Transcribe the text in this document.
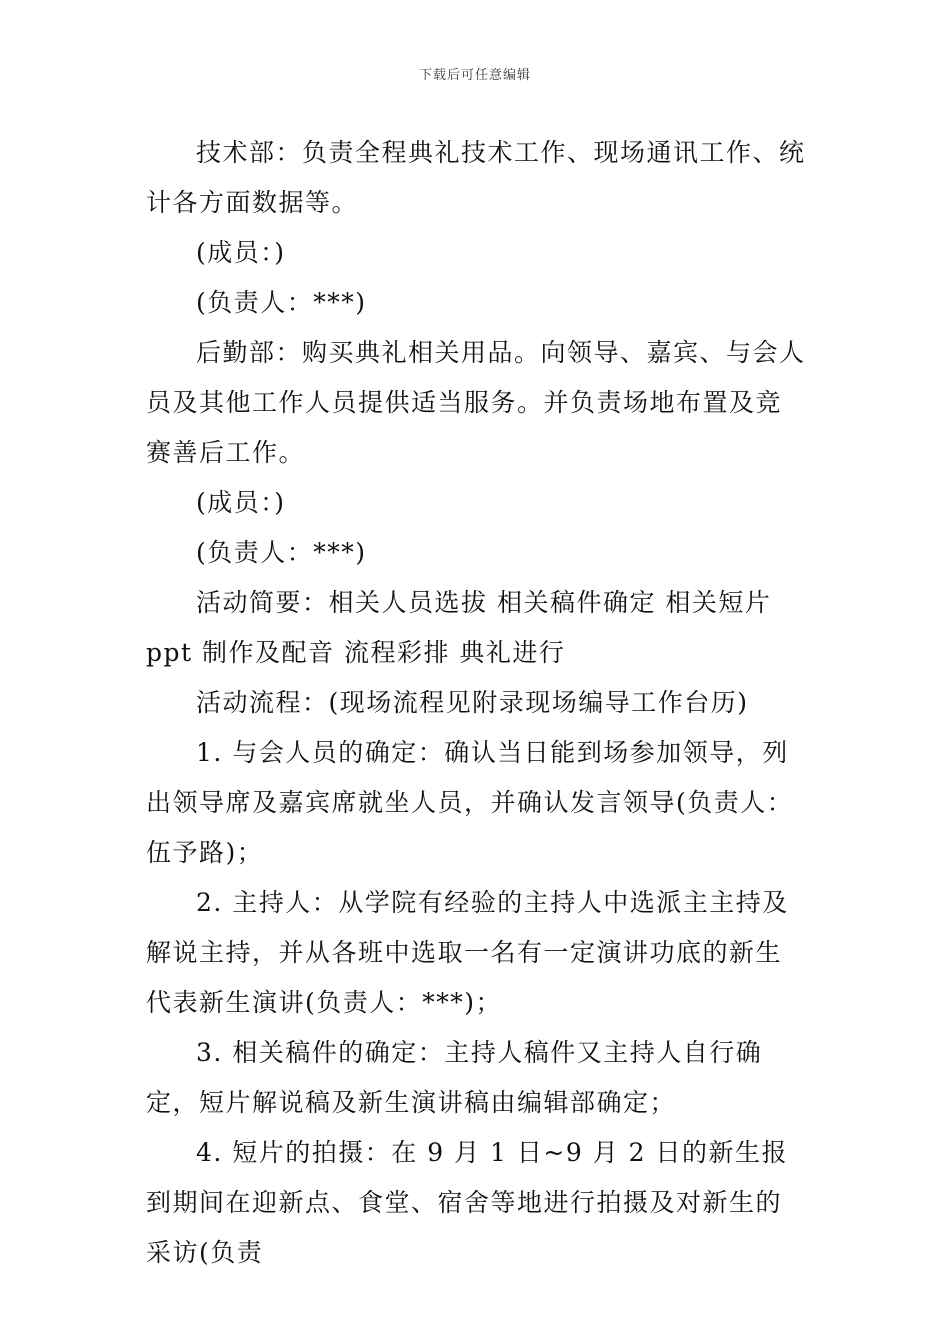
下载后可任意编辑

技术部：负责全程典礼技术工作、现场通讯工作、统计各方面数据等。

(成员：)

(负责人：***)

后勤部：购买典礼相关用品。向领导、嘉宾、与会人员及其他工作人员提供适当服务。并负责场地布置及竞赛善后工作。

(成员：)

(负责人：***)

活动简要：相关人员选拔 相关稿件确定 相关短片 ppt 制作及配音 流程彩排 典礼进行

活动流程：(现场流程见附录现场编导工作台历)

1. 与会人员的确定：确认当日能到场参加领导，列出领导席及嘉宾席就坐人员，并确认发言领导(负责人：伍予路)；

2. 主持人：从学院有经验的主持人中选派主主持及解说主持，并从各班中选取一名有一定演讲功底的新生代表新生演讲(负责人：***)；

3. 相关稿件的确定：主持人稿件又主持人自行确定，短片解说稿及新生演讲稿由编辑部确定；

4. 短片的拍摄：在 9 月 1 日~9 月 2 日的新生报到期间在迎新点、食堂、宿舍等地进行拍摄及对新生的采访(负责
